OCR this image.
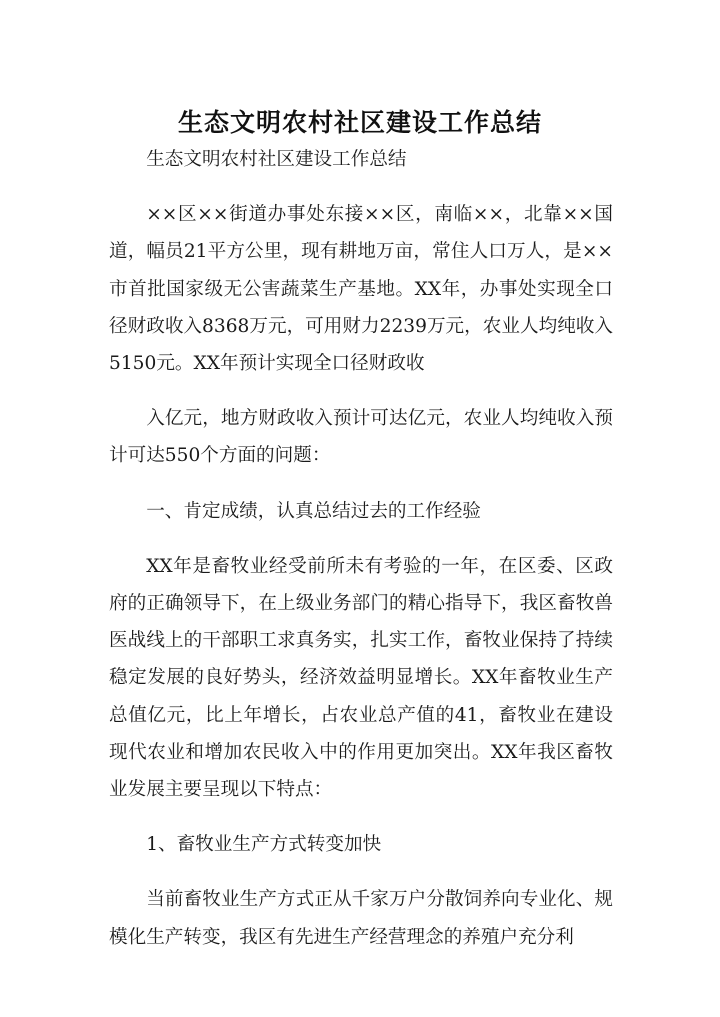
生态文明农村社区建设工作总结

生态文明农村社区建设工作总结

××区××街道办事处东接××区，南临××，北靠××国道，幅员21平方公里，现有耕地万亩，常住人口万人，是××市首批国家级无公害蔬菜生产基地。XX年，办事处实现全口径财政收入8368万元，可用财力2239万元，农业人均纯收入5150元。XX年预计实现全口径财政收

入亿元，地方财政收入预计可达亿元，农业人均纯收入预计可达550个方面的问题：

一、肯定成绩，认真总结过去的工作经验

XX年是畜牧业经受前所未有考验的一年，在区委、区政府的正确领导下，在上级业务部门的精心指导下，我区畜牧兽医战线上的干部职工求真务实，扎实工作，畜牧业保持了持续稳定发展的良好势头，经济效益明显增长。XX年畜牧业生产总值亿元，比上年增长，占农业总产值的41，畜牧业在建设现代农业和增加农民收入中的作用更加突出。XX年我区畜牧业发展主要呈现以下特点：

1、畜牧业生产方式转变加快

当前畜牧业生产方式正从千家万户分散饲养向专业化、规模化生产转变，我区有先进生产经营理念的养殖户充分利
